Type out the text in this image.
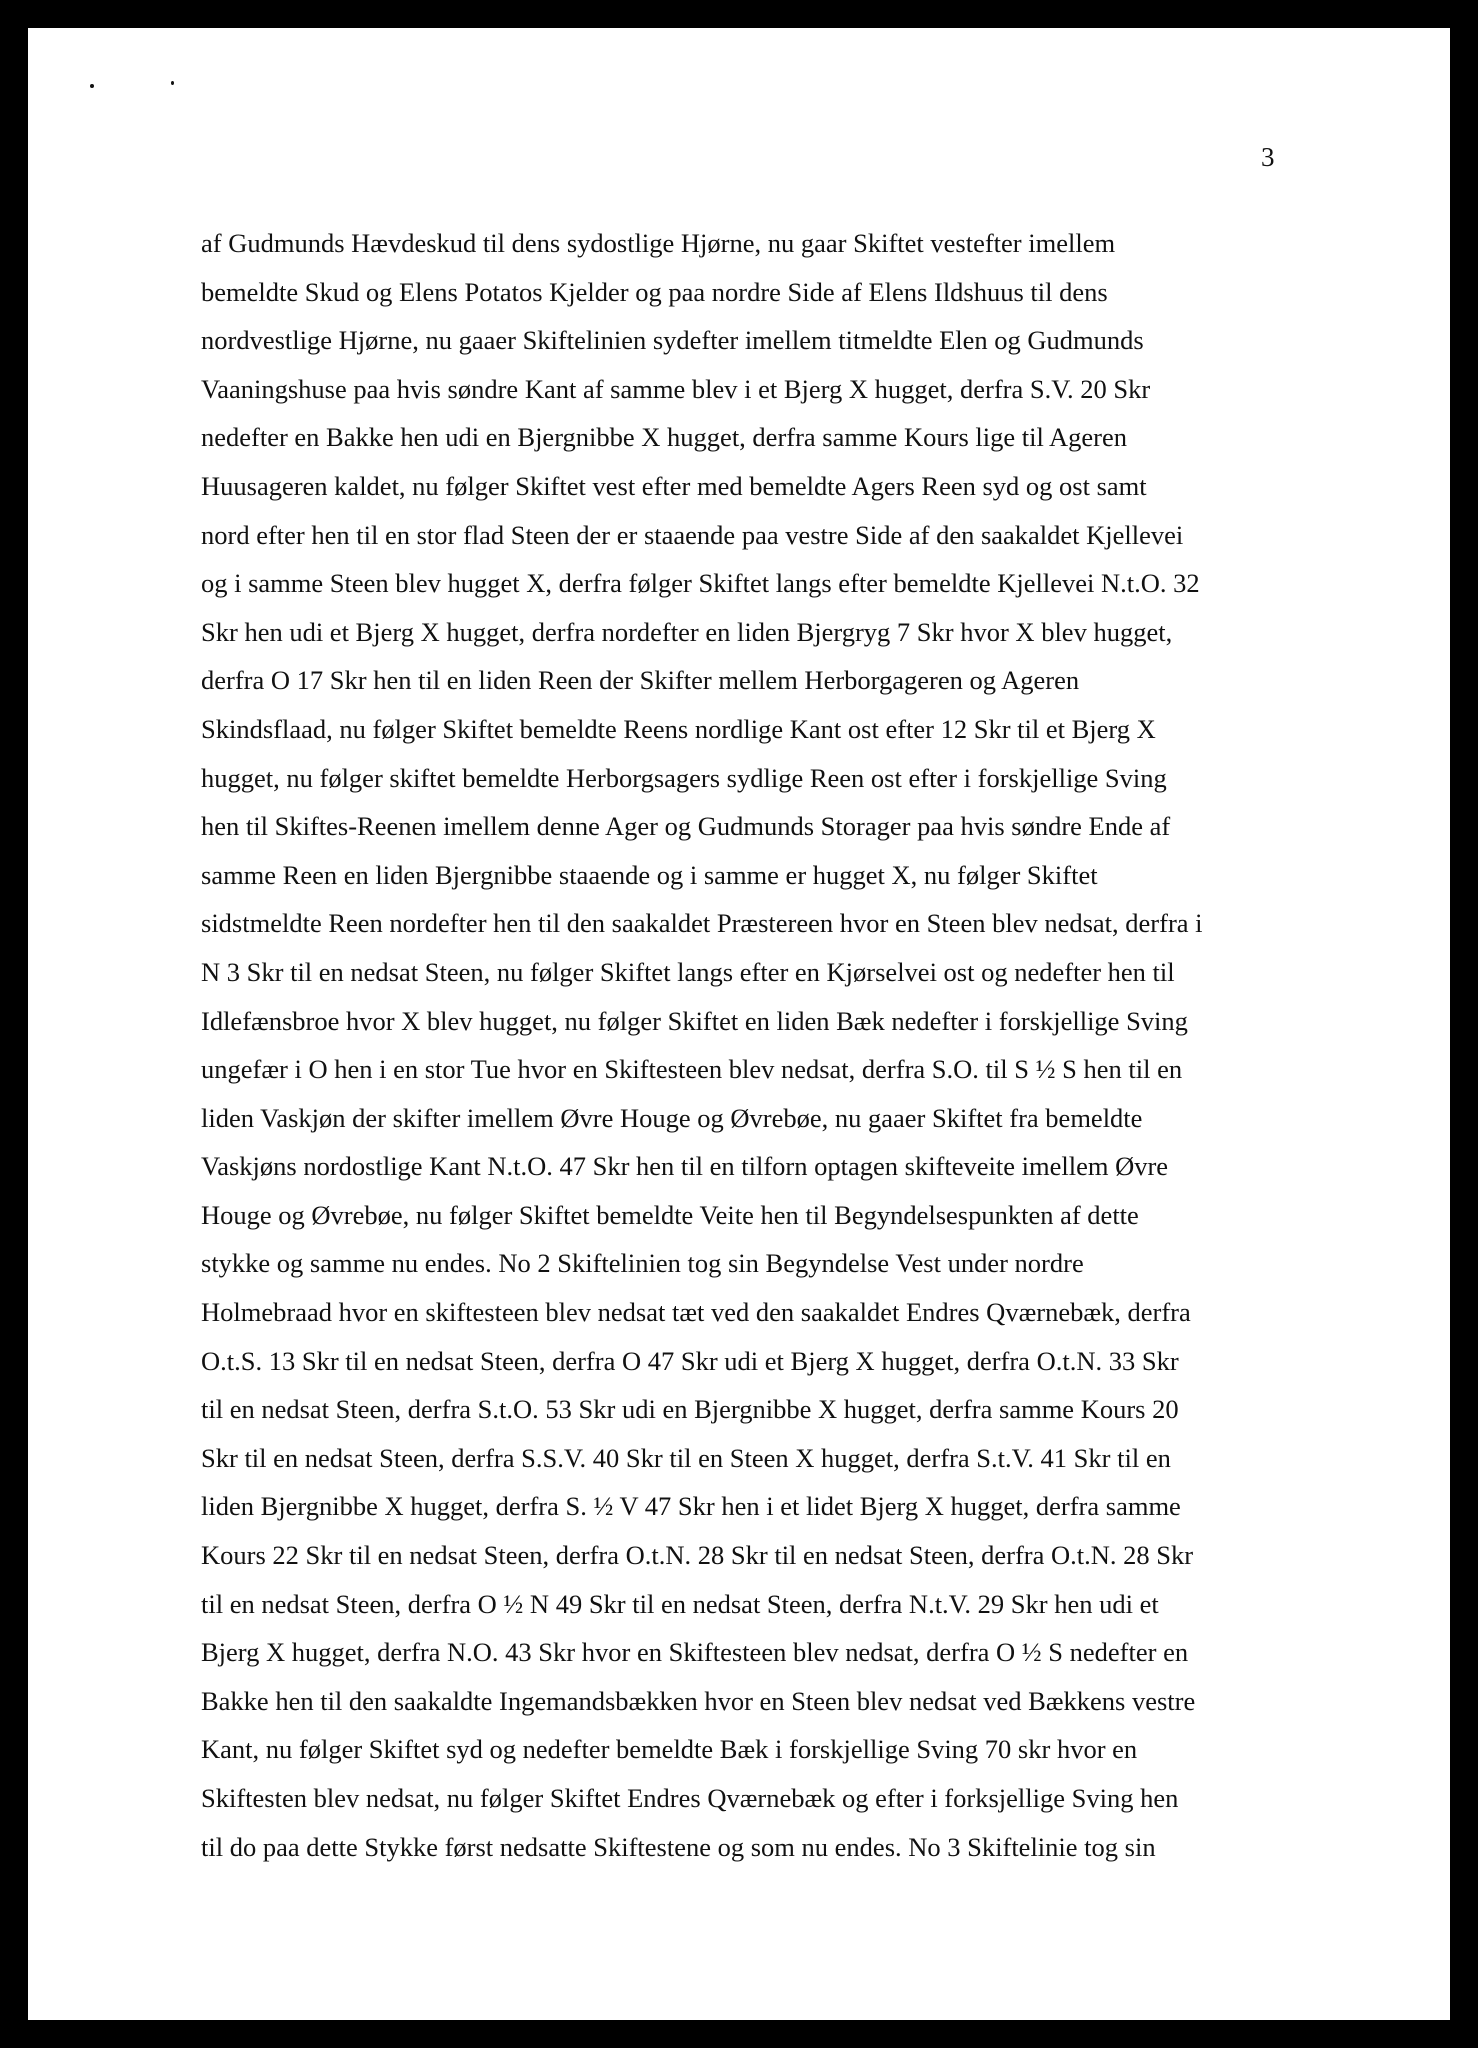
3
af Gudmunds Hævdeskud til dens sydostlige Hjørne, nu gaar Skiftet vestefter imellem
bemeldte Skud og Elens Potatos Kjelder og paa nordre Side af Elens Ildshuus til dens
nordvestlige Hjørne, nu gaaer Skiftelinien sydefter imellem titmeldte Elen og Gudmunds
Vaaningshuse paa hvis søndre Kant af samme blev i et Bjerg X hugget, derfra S.V. 20 Skr
nedefter en Bakke hen udi en Bjergnibbe X hugget, derfra samme Kours lige til Ageren
Huusageren kaldet, nu følger Skiftet vest efter med bemeldte Agers Reen syd og ost samt
nord efter hen til en stor flad Steen der er staaende paa vestre Side af den saakaldet Kjellevei
og i samme Steen blev hugget X, derfra følger Skiftet langs efter bemeldte Kjellevei N.t.O. 32
Skr hen udi et Bjerg X hugget, derfra nordefter en liden Bjergryg 7 Skr hvor X blev hugget,
derfra O 17 Skr hen til en liden Reen der Skifter mellem Herborgageren og Ageren
Skindsflaad, nu følger Skiftet bemeldte Reens nordlige Kant ost efter 12 Skr til et Bjerg X
hugget, nu følger skiftet bemeldte Herborgsagers sydlige Reen ost efter i forskjellige Sving
hen til Skiftes-Reenen imellem denne Ager og Gudmunds Storager paa hvis søndre Ende af
samme Reen en liden Bjergnibbe staaende og i samme er hugget X, nu følger Skiftet
sidstmeldte Reen nordefter hen til den saakaldet Præstereen hvor en Steen blev nedsat, derfra i
N 3 Skr til en nedsat Steen, nu følger Skiftet langs efter en Kjørselvei ost og nedefter hen til
Idlefænsbroe hvor X blev hugget, nu følger Skiftet en liden Bæk nedefter i forskjellige Sving
ungefær i O hen i en stor Tue hvor en Skiftesteen blev nedsat, derfra S.O. til S ½ S hen til en
liden Vaskjøn der skifter imellem Øvre Houge og Øvrebøe, nu gaaer Skiftet fra bemeldte
Vaskjøns nordostlige Kant N.t.O. 47 Skr hen til en tilforn optagen skifteveite imellem Øvre
Houge og Øvrebøe, nu følger Skiftet bemeldte Veite hen til Begyndelsespunkten af dette
stykke og samme nu endes. No 2 Skiftelinien tog sin Begyndelse Vest under nordre
Holmebraad hvor en skiftesteen blev nedsat tæt ved den saakaldet Endres Qværnebæk, derfra
O.t.S. 13 Skr til en nedsat Steen, derfra O 47 Skr udi et Bjerg X hugget, derfra O.t.N. 33 Skr
til en nedsat Steen, derfra S.t.O. 53 Skr udi en Bjergnibbe X hugget, derfra samme Kours 20
Skr til en nedsat Steen, derfra S.S.V. 40 Skr til en Steen X hugget, derfra S.t.V. 41 Skr til en
liden Bjergnibbe X hugget, derfra S. ½ V 47 Skr hen i et lidet Bjerg X hugget, derfra samme
Kours 22 Skr til en nedsat Steen, derfra O.t.N. 28 Skr til en nedsat Steen, derfra O.t.N. 28 Skr
til en nedsat Steen, derfra O ½ N 49 Skr til en nedsat Steen, derfra N.t.V. 29 Skr hen udi et
Bjerg X hugget, derfra N.O. 43 Skr hvor en Skiftesteen blev nedsat, derfra O ½ S nedefter en
Bakke hen til den saakaldte Ingemandsbækken hvor en Steen blev nedsat ved Bækkens vestre
Kant, nu følger Skiftet syd og nedefter bemeldte Bæk i forskjellige Sving 70 skr hvor en
Skiftesten blev nedsat, nu følger Skiftet Endres Qværnebæk og efter i forksjellige Sving hen
til do paa dette Stykke først nedsatte Skiftestene og som nu endes. No 3 Skiftelinie tog sin
